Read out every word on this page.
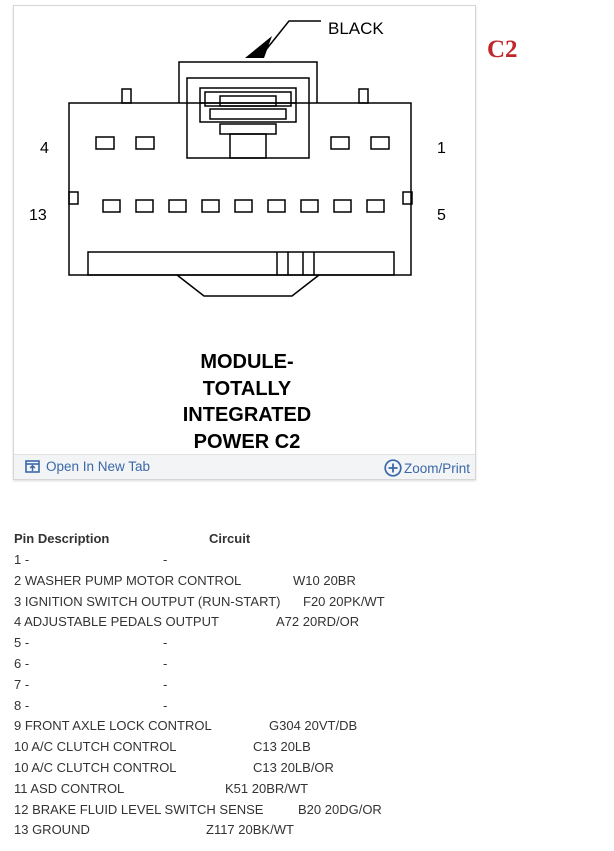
BLACK
4	1
13	5
MODULE-
TOTALLY
INTEGRATED
POWER C2
Open In New Tab	Zoom/Print
C2
Pin Description	Circuit
1 -	-
2 WASHER PUMP MOTOR CONTROL	W10 20BR
3 IGNITION SWITCH OUTPUT (RUN-START) F20 20PK/WT
4 ADJUSTABLE PEDALS OUTPUT	A72 20RD/OR
5 -	-
6 -	-
7 -	-
8 -	-
9 FRONT AXLE LOCK CONTROL	G304 20VT/DB
10 A/C CLUTCH CONTROL	C13 20LB
10 A/C CLUTCH CONTROL	C13 20LB/OR
11 ASD CONTROL	K51 20BR/WT
12 BRAKE FLUID LEVEL SWITCH SENSE	B20 20DG/OR
13 GROUND	Z117 20BK/WT
